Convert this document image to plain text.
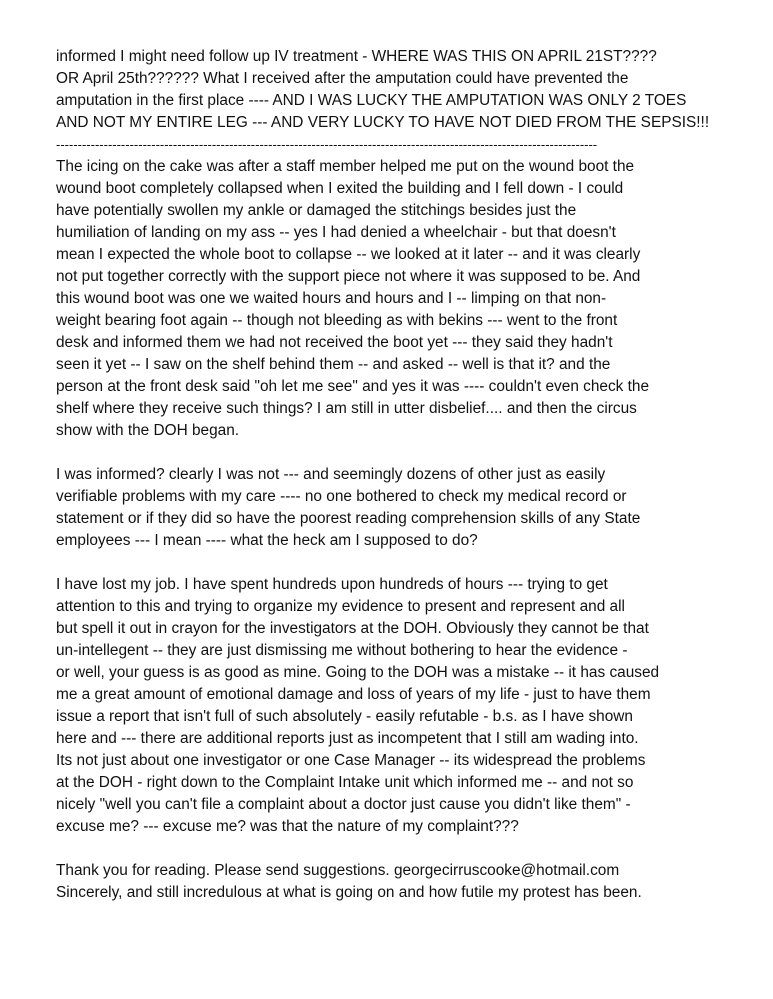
informed I might need follow up IV treatment - WHERE WAS THIS ON APRIL 21ST????
OR April 25th?????? What I received after the amputation could have prevented the
amputation in the first place ---- AND I WAS LUCKY THE AMPUTATION WAS ONLY 2 TOES
AND NOT MY ENTIRE LEG --- AND VERY LUCKY TO HAVE NOT DIED FROM THE SEPSIS!!!

-----------------------------------------------------------------------------------------------------------------------------

The icing on the cake was after a staff member helped me put on the wound boot the
wound boot completely collapsed when I exited the building and I fell down - I could
have potentially swollen my ankle or damaged the stitchings besides just the
humiliation of landing on my ass -- yes I had denied a wheelchair - but that doesn't
mean I expected the whole boot to collapse -- we looked at it later -- and it was clearly
not put together correctly with the support piece not where it was supposed to be. And
this wound boot was one we waited hours and hours and I -- limping on that non-
weight bearing foot again -- though not bleeding as with bekins --- went to the front
desk and informed them we had not received the boot yet --- they said they hadn't
seen it yet -- I saw on the shelf behind them -- and asked -- well is that it? and the
person at the front desk said "oh let me see" and yes it was ---- couldn't even check the
shelf where they receive such things? I am still in utter disbelief.... and then the circus
show with the DOH began.

I was informed? clearly I was not --- and seemingly dozens of other just as easily
verifiable problems with my care ---- no one bothered to check my medical record or
statement or if they did so have the poorest reading comprehension skills of any State
employees --- I mean ---- what the heck am I supposed to do?

I have lost my job. I have spent hundreds upon hundreds of hours --- trying to get
attention to this and trying to organize my evidence to present and represent and all
but spell it out in crayon for the investigators at the DOH. Obviously they cannot be that
un-intellegent -- they are just dismissing me without bothering to hear the evidence -
or well, your guess is as good as mine. Going to the DOH was a mistake -- it has caused
me a great amount of emotional damage and loss of years of my life - just to have them
issue a report that isn't full of such absolutely - easily refutable - b.s. as I have shown
here and --- there are additional reports just as incompetent that I still am wading into.
Its not just about one investigator or one Case Manager -- its widespread the problems
at the DOH - right down to the Complaint Intake unit which informed me -- and not so
nicely "well you can't file a complaint about a doctor just cause you didn't like them" -
excuse me? --- excuse me? was that the nature of my complaint???

Thank you for reading. Please send suggestions. georgecirruscooke@hotmail.com

Sincerely, and still incredulous at what is going on and how futile my protest has been.
